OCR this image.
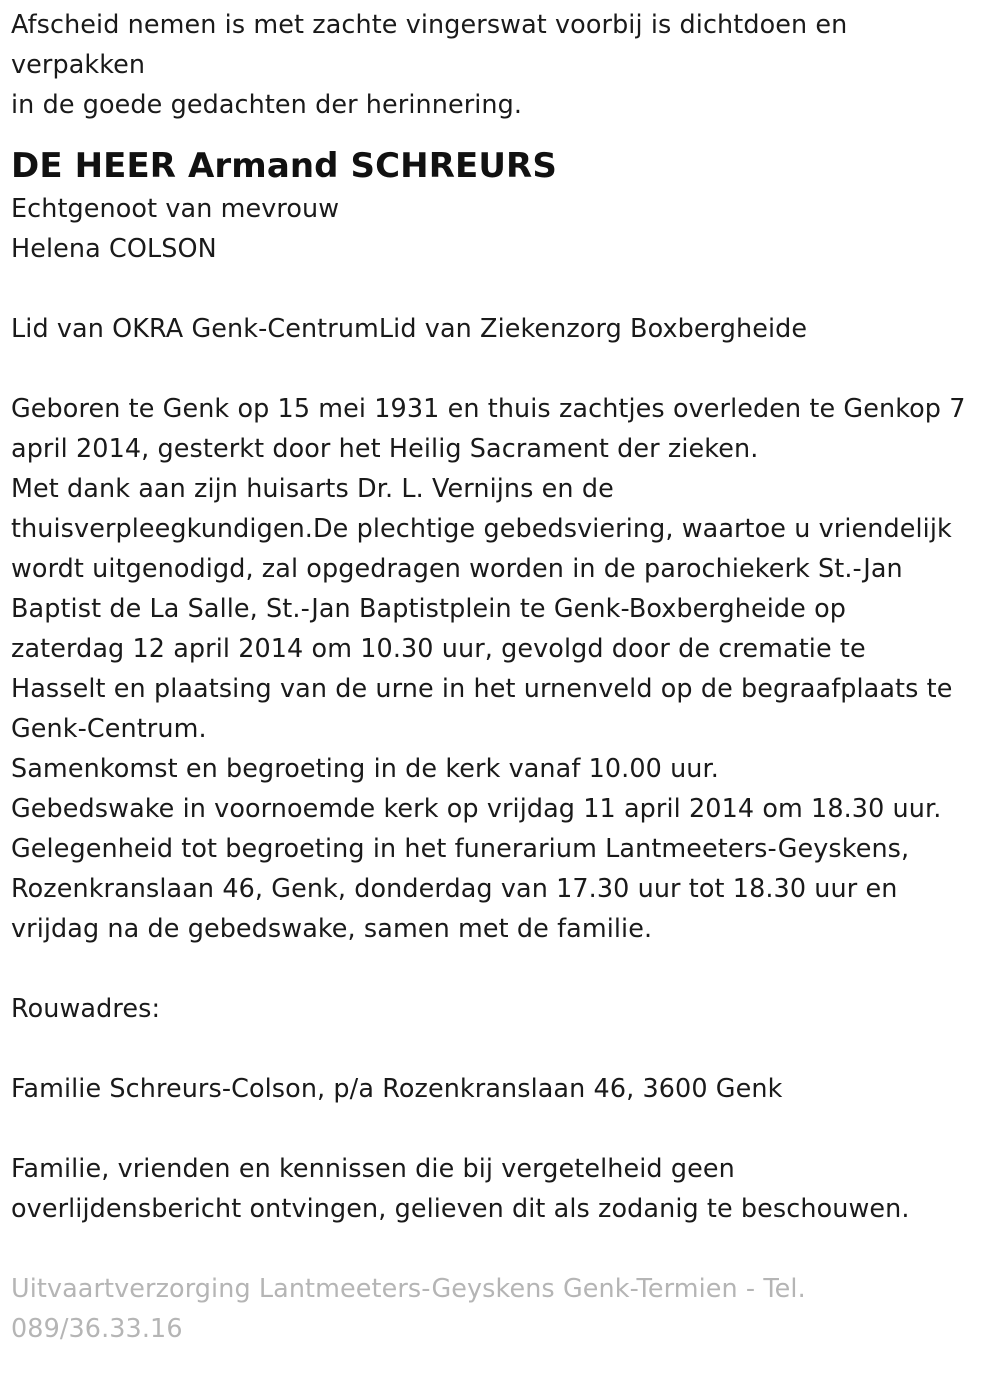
Afscheid nemen is met zachte vingerswat voorbij is dichtdoen en
verpakken
in de goede gedachten der herinnering.
DE HEER Armand SCHREURS
Echtgenoot van mevrouw
Helena COLSON
Lid van OKRA Genk-CentrumLid van Ziekenzorg Boxbergheide
Geboren te Genk op 15 mei 1931 en thuis zachtjes overleden te Genkop 7
april 2014, gesterkt door het Heilig Sacrament der zieken.
Met dank aan zijn huisarts Dr. L. Vernijns en de
thuisverpleegkundigen.De plechtige gebedsviering, waartoe u vriendelijk
wordt uitgenodigd, zal opgedragen worden in de parochiekerk St.-Jan
Baptist de La Salle, St.-Jan Baptistplein te Genk-Boxbergheide op
zaterdag 12 april 2014 om 10.30 uur, gevolgd door de crematie te
Hasselt en plaatsing van de urne in het urnenveld op de begraafplaats te
Genk-Centrum.
Samenkomst en begroeting in de kerk vanaf 10.00 uur.
Gebedswake in voornoemde kerk op vrijdag 11 april 2014 om 18.30 uur.
Gelegenheid tot begroeting in het funerarium Lantmeeters-Geyskens,
Rozenkranslaan 46, Genk, donderdag van 17.30 uur tot 18.30 uur en
vrijdag na de gebedswake, samen met de familie.
Rouwadres:
Familie Schreurs-Colson, p/a Rozenkranslaan 46, 3600 Genk
Familie, vrienden en kennissen die bij vergetelheid geen
overlijdensbericht ontvingen, gelieven dit als zodanig te beschouwen.
Uitvaartverzorging Lantmeeters-Geyskens Genk-Termien - Tel.
089/36.33.16
